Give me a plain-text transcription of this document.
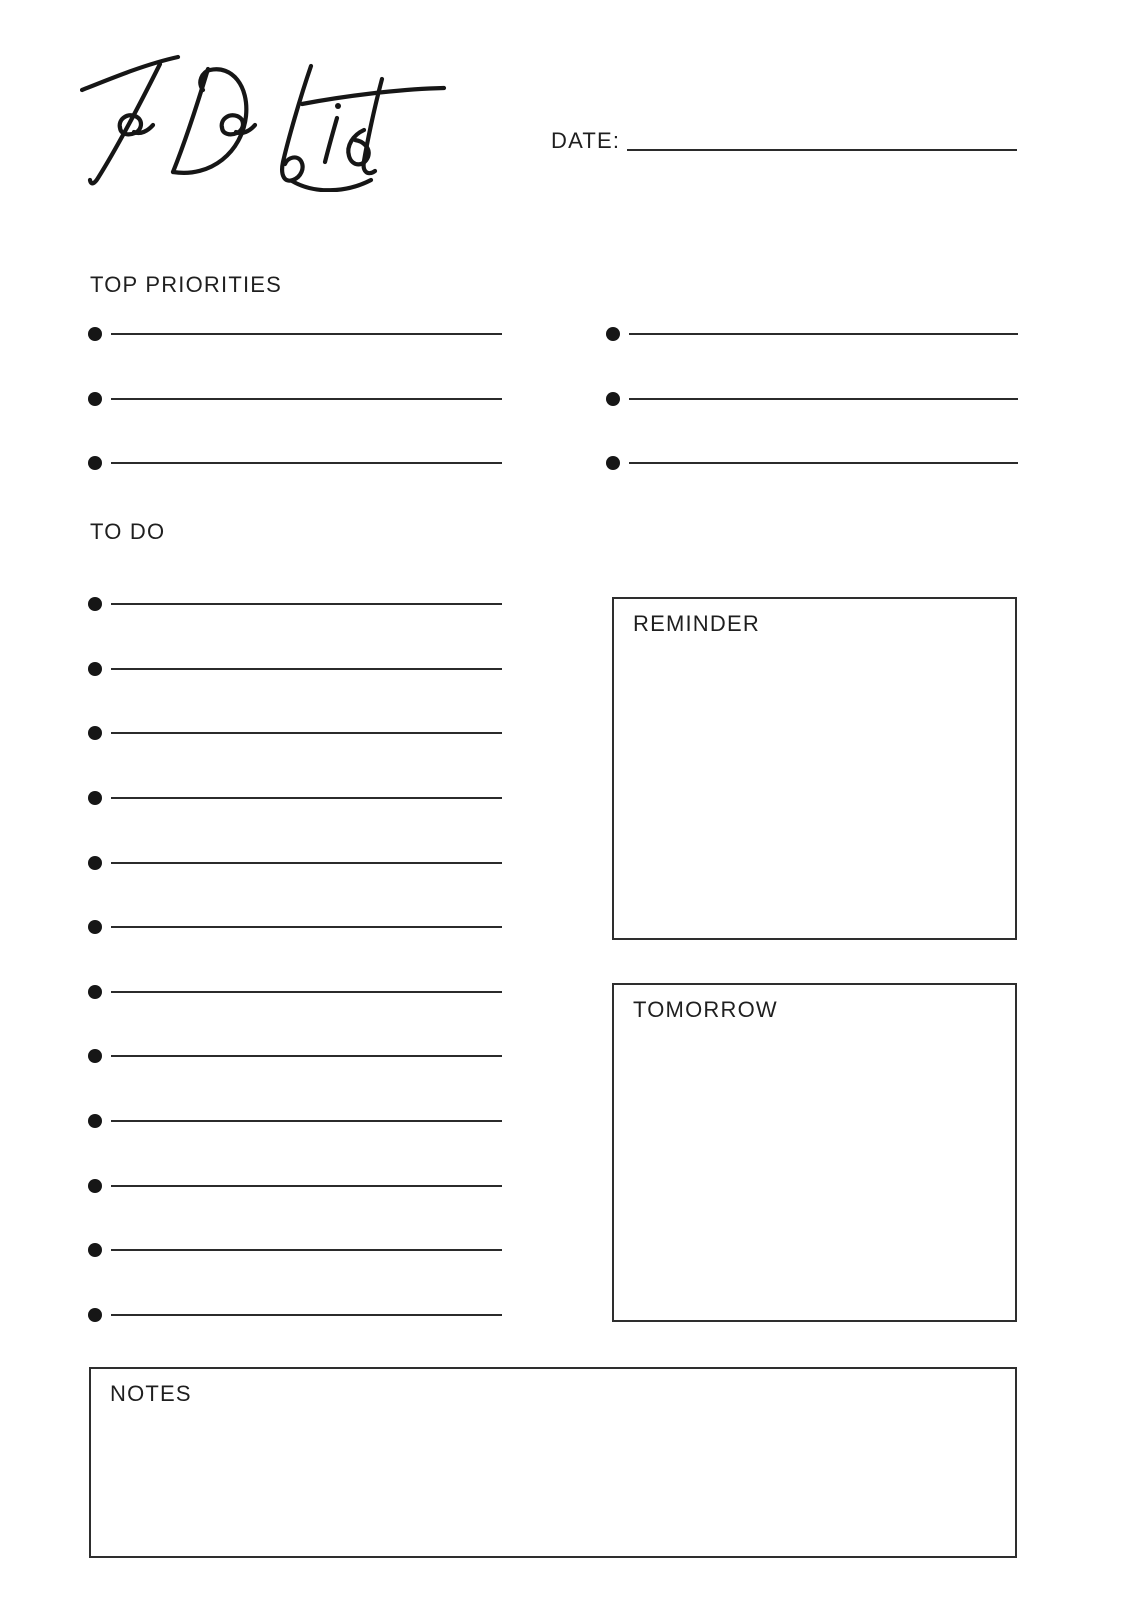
DATE:
TOP PRIORITIES
TO DO
REMINDER
TOMORROW
NOTES
